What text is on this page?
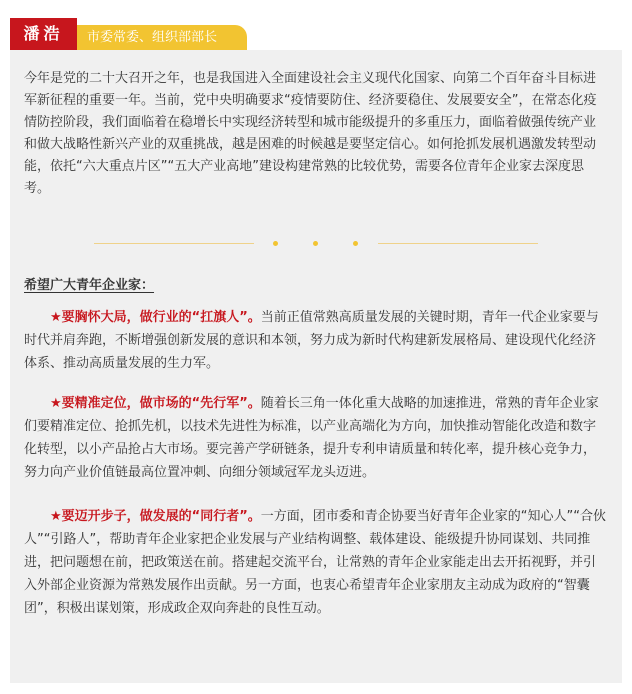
潘浩	市委常委、组织部部长

今年是党的二十大召开之年，也是我国进入全面建设社会主义现代化国家、向第二个百年奋斗目标进军新征程的重要一年。当前，党中央明确要求“疫情要防住、经济要稳住、发展要安全”，在常态化疫情防控阶段，我们面临着在稳增长中实现经济转型和城市能级提升的多重压力，面临着做强传统产业和做大战略性新兴产业的双重挑战，越是困难的时候越是要坚定信心。如何抢抓发展机遇激发转型动能，依托“六大重点片区”“五大产业高地”建设构建常熟的比较优势，需要各位青年企业家去深度思考。

希望广大青年企业家：

★要胸怀大局，做行业的“扛旗人”。当前正值常熟高质量发展的关键时期，青年一代企业家要与时代并肩奔跑，不断增强创新发展的意识和本领，努力成为新时代构建新发展格局、建设现代化经济体系、推动高质量发展的生力军。

★要精准定位，做市场的“先行军”。随着长三角一体化重大战略的加速推进，常熟的青年企业家们要精准定位、抢抓先机，以技术先进性为标准，以产业高端化为方向，加快推动智能化改造和数字化转型，以小产品抢占大市场。要完善产学研链条，提升专利申请质量和转化率，提升核心竞争力，努力向产业价值链最高位置冲刺、向细分领域冠军龙头迈进。

★要迈开步子，做发展的“同行者”。一方面，团市委和青企协要当好青年企业家的“知心人”“合伙人”“引路人”，帮助青年企业家把企业发展与产业结构调整、载体建设、能级提升协同谋划、共同推进，把问题想在前，把政策送在前。搭建起交流平台，让常熟的青年企业家能走出去开拓视野，并引入外部企业资源为常熟发展作出贡献。另一方面，也衷心希望青年企业家朋友主动成为政府的“智囊团”，积极出谋划策，形成政企双向奔赴的良性互动。
